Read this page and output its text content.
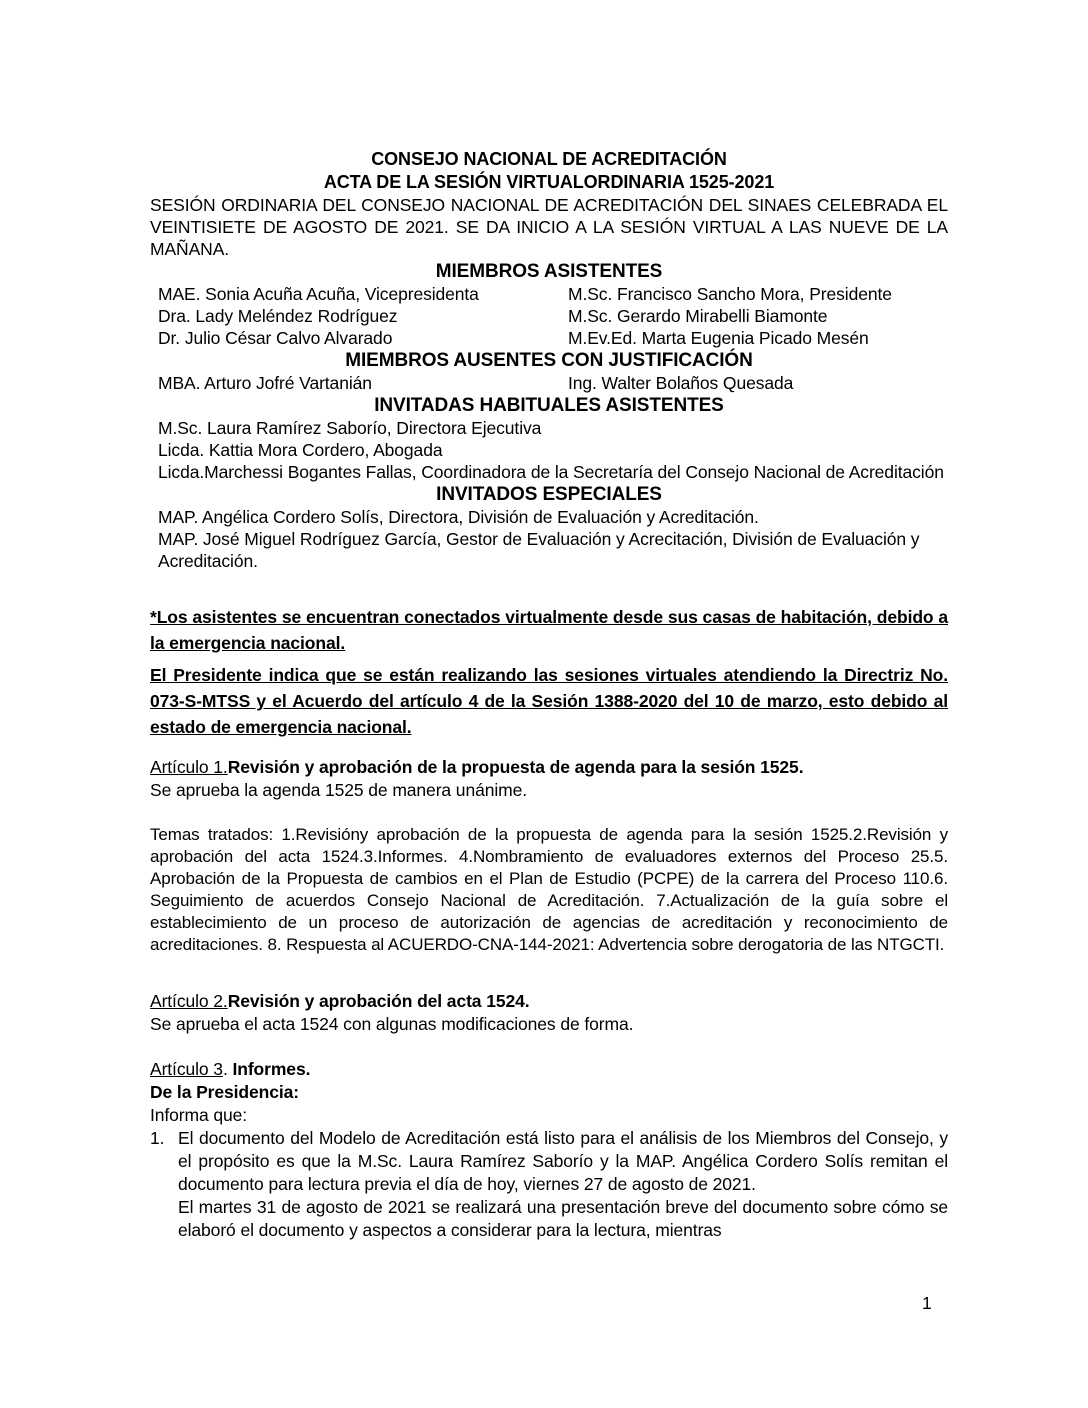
CONSEJO NACIONAL DE ACREDITACIÓN
ACTA DE LA SESIÓN VIRTUALORDINARIA 1525-2021
SESIÓN ORDINARIA DEL CONSEJO NACIONAL DE ACREDITACIÓN DEL SINAES CELEBRADA EL VEINTISIETE DE AGOSTO DE 2021. SE DA INICIO A LA SESIÓN VIRTUAL A LAS NUEVE DE LA MAÑANA.
MIEMBROS ASISTENTES
MAE. Sonia Acuña Acuña, Vicepresidenta	M.Sc. Francisco Sancho Mora, Presidente
Dra. Lady Meléndez Rodríguez	M.Sc. Gerardo Mirabelli Biamonte
Dr. Julio César Calvo Alvarado	M.Ev.Ed. Marta Eugenia Picado Mesén
MIEMBROS AUSENTES CON JUSTIFICACIÓN
MBA. Arturo Jofré Vartanián	Ing. Walter Bolaños Quesada
INVITADAS HABITUALES ASISTENTES
M.Sc. Laura Ramírez Saborío, Directora Ejecutiva
Licda. Kattia Mora Cordero, Abogada
Licda.Marchessi Bogantes Fallas, Coordinadora de la Secretaría del Consejo Nacional de Acreditación
INVITADOS ESPECIALES
MAP. Angélica Cordero Solís, Directora, División de Evaluación y Acreditación.
MAP. José Miguel Rodríguez García, Gestor de Evaluación y Acrecitación, División de Evaluación y Acreditación.
*Los asistentes se encuentran conectados virtualmente desde sus casas de habitación, debido a la emergencia nacional.
El Presidente indica que se están realizando las sesiones virtuales atendiendo la Directriz No. 073-S-MTSS y el Acuerdo del artículo 4 de la Sesión 1388-2020 del 10 de marzo, esto debido al estado de emergencia nacional.
Artículo 1.Revisión y aprobación de la propuesta de agenda para la sesión 1525.
Se aprueba la agenda 1525 de manera unánime.
Temas tratados: 1.Revisióny aprobación de la propuesta de agenda para la sesión 1525.2.Revisión y aprobación del acta 1524.3.Informes. 4.Nombramiento de evaluadores externos del Proceso 25.5. Aprobación de la Propuesta de cambios en el Plan de Estudio (PCPE) de la carrera del Proceso 110.6. Seguimiento de acuerdos Consejo Nacional de Acreditación. 7.Actualización de la guía sobre el establecimiento de un proceso de autorización de agencias de acreditación y reconocimiento de acreditaciones. 8. Respuesta al ACUERDO-CNA-144-2021: Advertencia sobre derogatoria de las NTGCTI.
Artículo 2.Revisión y aprobación del acta 1524.
Se aprueba el acta 1524 con algunas modificaciones de forma.
Artículo 3. Informes.
De la Presidencia:
Informa que:
1. El documento del Modelo de Acreditación está listo para el análisis de los Miembros del Consejo, y el propósito es que la M.Sc. Laura Ramírez Saborío y la MAP. Angélica Cordero Solís remitan el documento para lectura previa el día de hoy, viernes 27 de agosto de 2021.

El martes 31 de agosto de 2021 se realizará una presentación breve del documento sobre cómo se elaboró el documento y aspectos a considerar para la lectura, mientras

1
